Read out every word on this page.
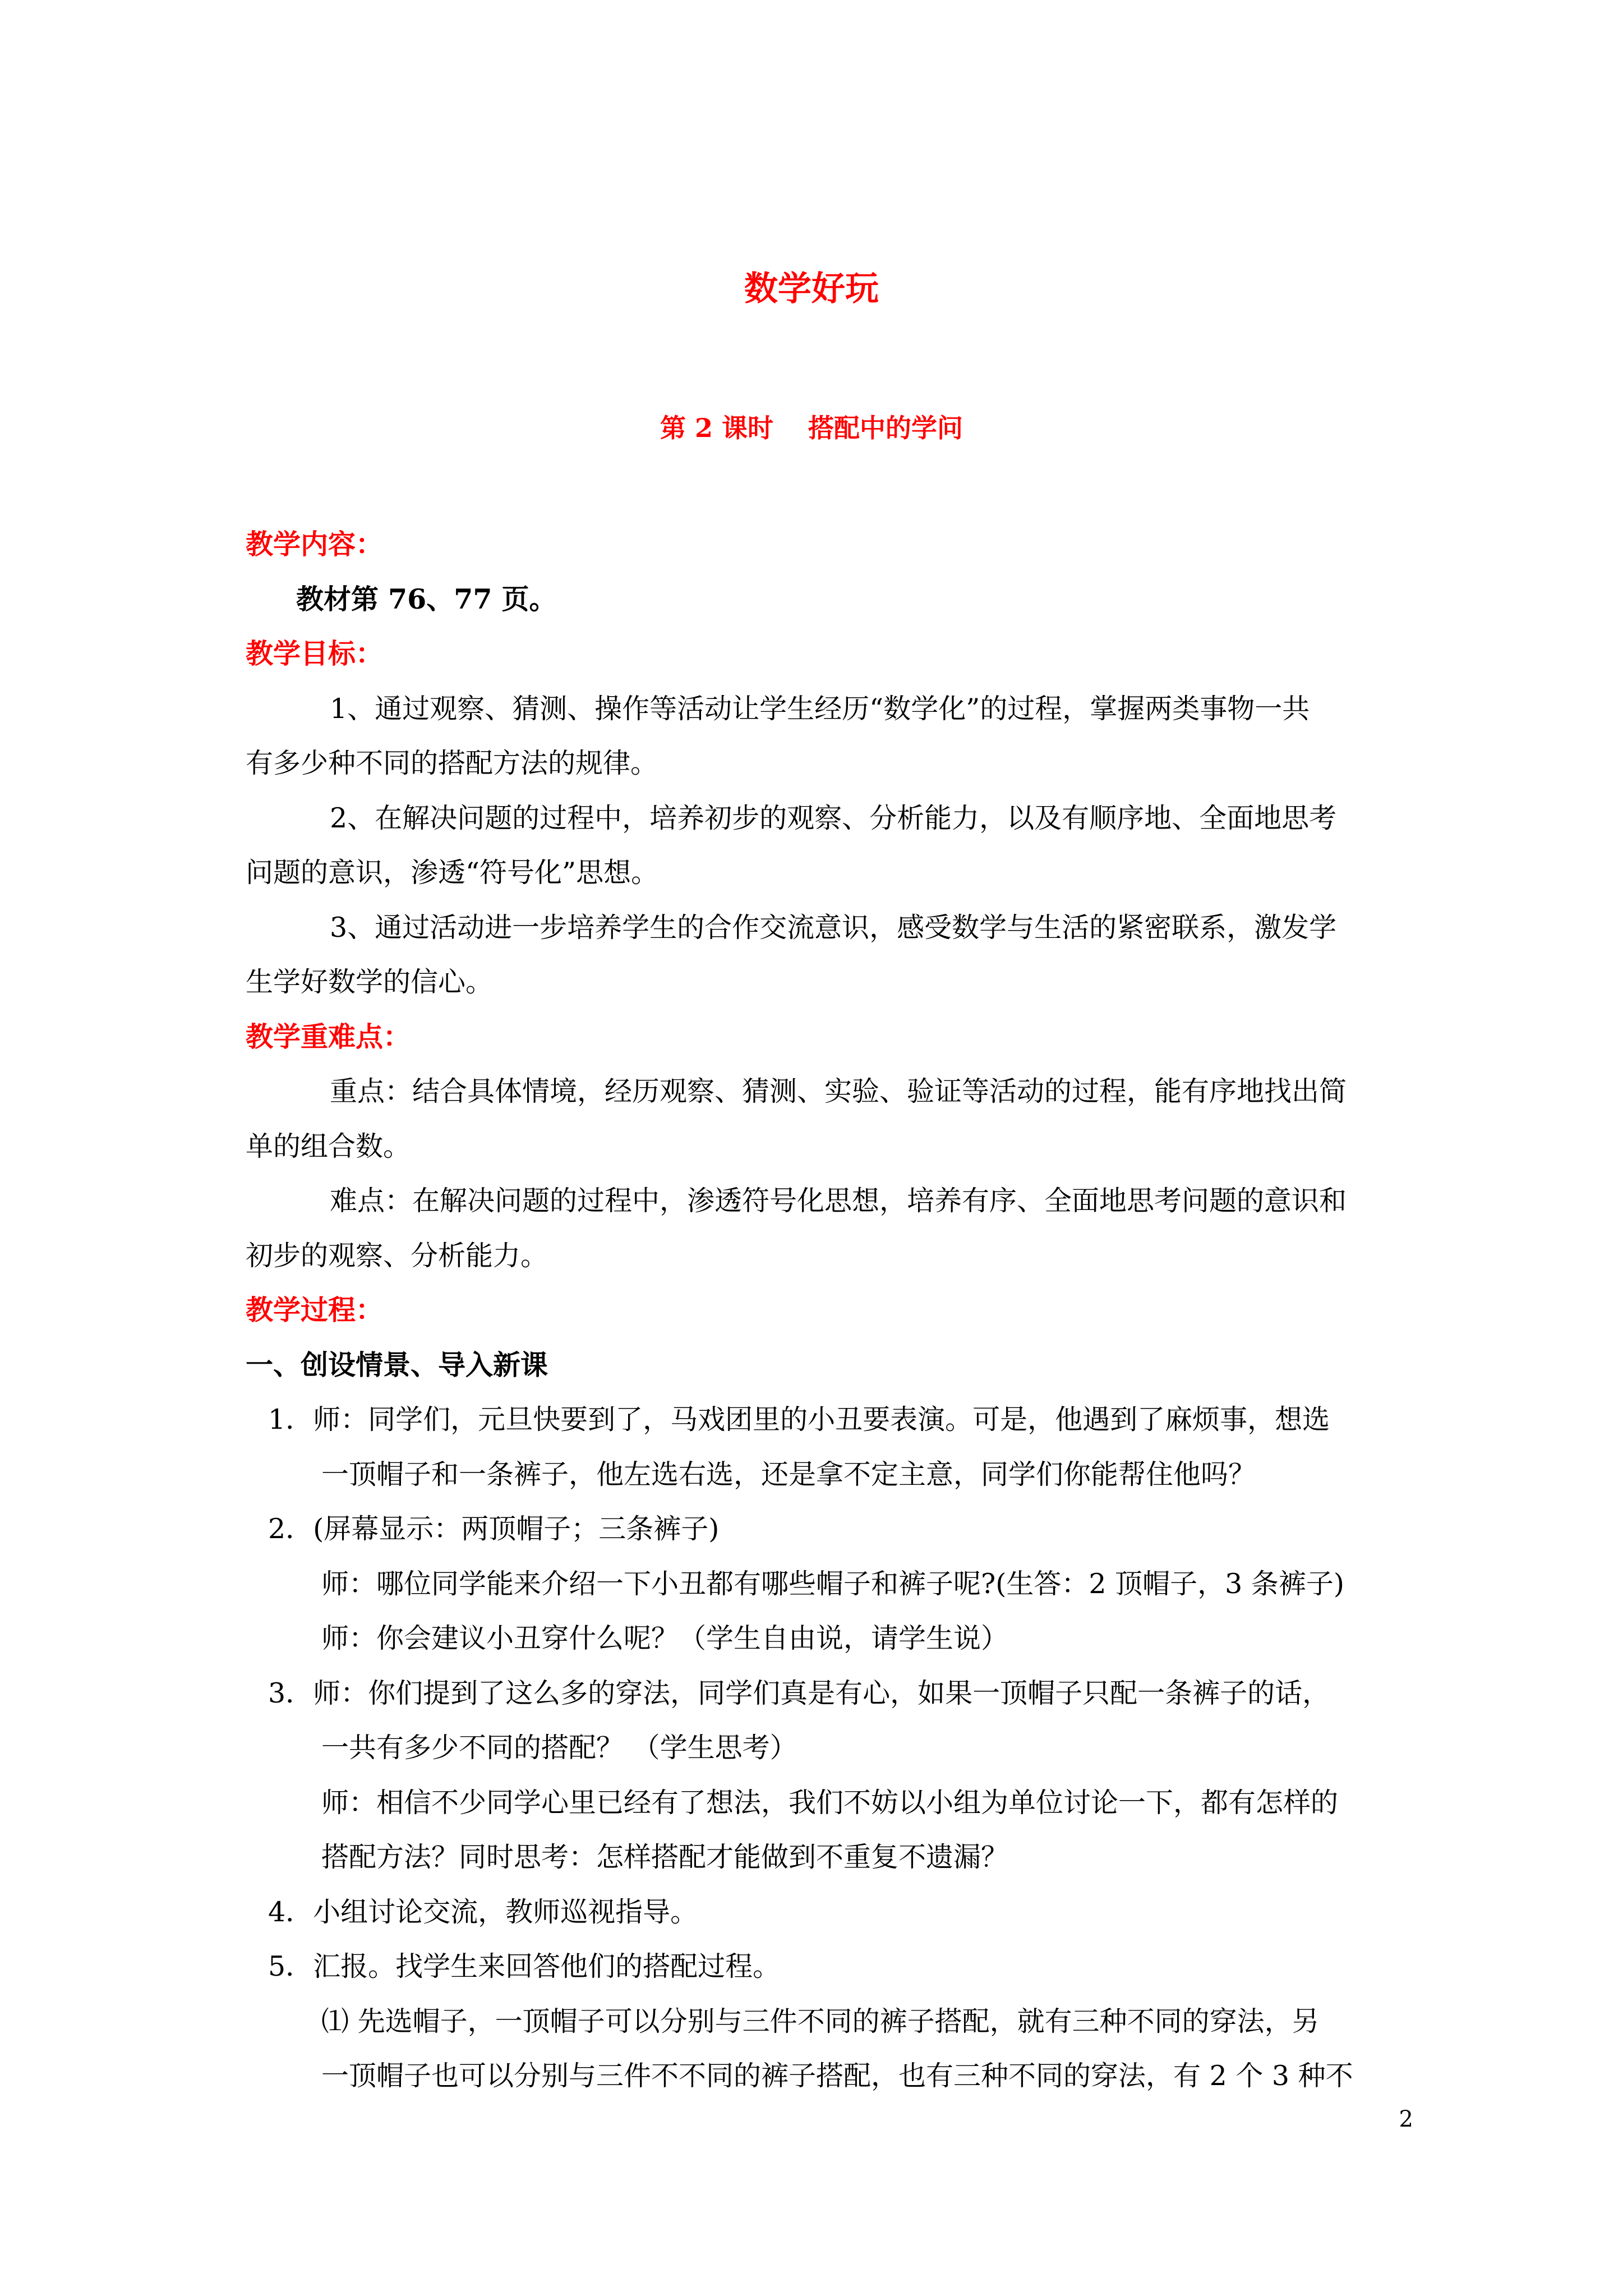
数学好玩
第 2 课时　 搭配中的学问
教学内容：
教材第 76、77 页。
教学目标：
1、通过观察、猜测、操作等活动让学生经历“数学化”的过程，掌握两类事物一共
有多少种不同的搭配方法的规律。
2、在解决问题的过程中，培养初步的观察、分析能力，以及有顺序地、全面地思考
问题的意识，渗透“符号化”思想。
3、通过活动进一步培养学生的合作交流意识，感受数学与生活的紧密联系，激发学
生学好数学的信心。
教学重难点：
重点：结合具体情境，经历观察、猜测、实验、验证等活动的过程，能有序地找出简
单的组合数。
难点：在解决问题的过程中，渗透符号化思想，培养有序、全面地思考问题的意识和
初步的观察、分析能力。
教学过程：
一、创设情景、导入新课
1．师：同学们，元旦快要到了，马戏团里的小丑要表演。可是，他遇到了麻烦事，想选
一顶帽子和一条裤子，他左选右选，还是拿不定主意，同学们你能帮住他吗？
2．(屏幕显示：两顶帽子；三条裤子)
师：哪位同学能来介绍一下小丑都有哪些帽子和裤子呢?(生答：2 顶帽子，3 条裤子)
师：你会建议小丑穿什么呢？（学生自由说，请学生说）
3．师：你们提到了这么多的穿法，同学们真是有心，如果一顶帽子只配一条裤子的话，
一共有多少不同的搭配？ （学生思考）
师：相信不少同学心里已经有了想法，我们不妨以小组为单位讨论一下，都有怎样的
搭配方法？同时思考：怎样搭配才能做到不重复不遗漏？
4．小组讨论交流，教师巡视指导。
5．汇报。找学生来回答他们的搭配过程。
⑴ 先选帽子，一顶帽子可以分别与三件不同的裤子搭配，就有三种不同的穿法，另
一顶帽子也可以分别与三件不不同的裤子搭配，也有三种不同的穿法，有 2 个 3 种不
2
